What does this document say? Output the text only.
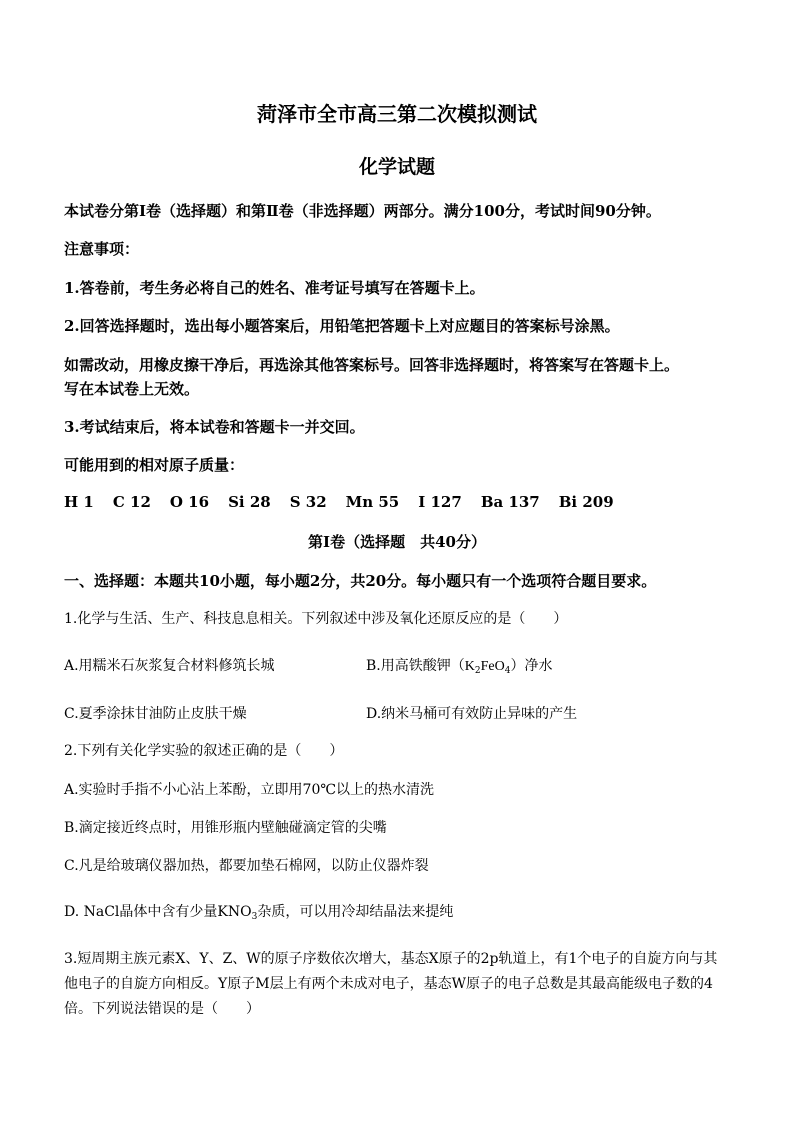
菏泽市全市高三第二次模拟测试
化学试题
本试卷分第Ⅰ卷（选择题）和第Ⅱ卷（非选择题）两部分。满分100分，考试时间90分钟。
注意事项：
1.答卷前，考生务必将自己的姓名、准考证号填写在答题卡上。
2.回答选择题时，选出每小题答案后，用铅笔把答题卡上对应题目的答案标号涂黑。
如需改动，用橡皮擦干净后，再选涂其他答案标号。回答非选择题时，将答案写在答题卡上。
写在本试卷上无效。
3.考试结束后，将本试卷和答题卡一并交回。
可能用到的相对原子质量：
H 1 C 12 O 16 Si 28 S 32 Mn 55 I 127 Ba 137 Bi 209
第Ⅰ卷（选择题　共40分）
一、选择题：本题共10小题，每小题2分，共20分。每小题只有一个选项符合题目要求。
1.化学与生活、生产、科技息息相关。下列叙述中涉及氧化还原反应的是（　　）
A.用糯米石灰浆复合材料修筑长城	B.用高铁酸钾$(K_2FeO_4)$净水
C.夏季涂抹甘油防止皮肤干燥	D.纳米马桶可有效防止异味的产生
2.下列有关化学实验的叙述正确的是（　　）
A.实验时手指不小心沾上苯酚，立即用70℃以上的热水清洗
B.滴定接近终点时，用锥形瓶内壁触碰滴定管的尖嘴
C.凡是给玻璃仪器加热，都要加垫石棉网，以防止仪器炸裂
D. NaCl晶体中含有少量$KNO_3$杂质，可以用冷却结晶法来提纯
3.短周期主族元素X、Y、Z、W的原子序数依次增大，基态X原子的2p轨道上，有1个电子的自旋方向与其
他电子的自旋方向相反。Y原子M层上有两个未成对电子，基态W原子的电子总数是其最高能级电子数的4
倍。下列说法错误的是（　　）
